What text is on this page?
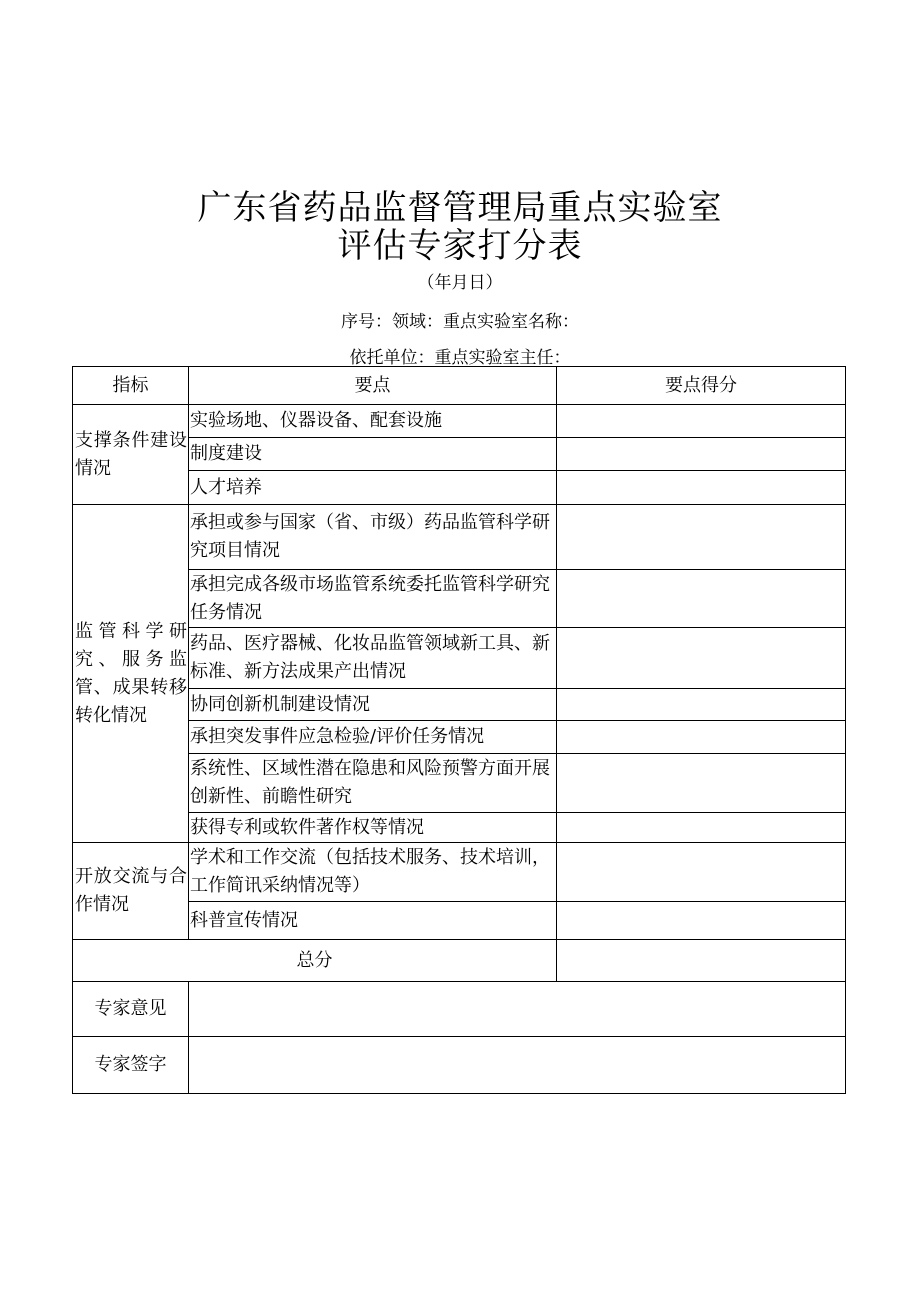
广东省药品监督管理局重点实验室
评估专家打分表
（年月日）
序号：领域：重点实验室名称：
依托单位：重点实验室主任：
指标	要点	要点得分
支撑条件建设情况	实验场地、仪器设备、配套设施	
	制度建设	
	人才培养	
监管科学研究、服务监管、成果转移转化情况	承担或参与国家（省、市级）药品监管科学研究项目情况	
	承担完成各级市场监管系统委托监管科学研究任务情况	
	药品、医疗器械、化妆品监管领域新工具、新标准、新方法成果产出情况	
	协同创新机制建设情况	
	承担突发事件应急检验/评价任务情况	
	系统性、区域性潜在隐患和风险预警方面开展创新性、前瞻性研究	
	获得专利或软件著作权等情况	
开放交流与合作情况	学术和工作交流（包括技术服务、技术培训，工作简讯采纳情况等）	
	科普宣传情况	
总分		
专家意见		
专家签字		
